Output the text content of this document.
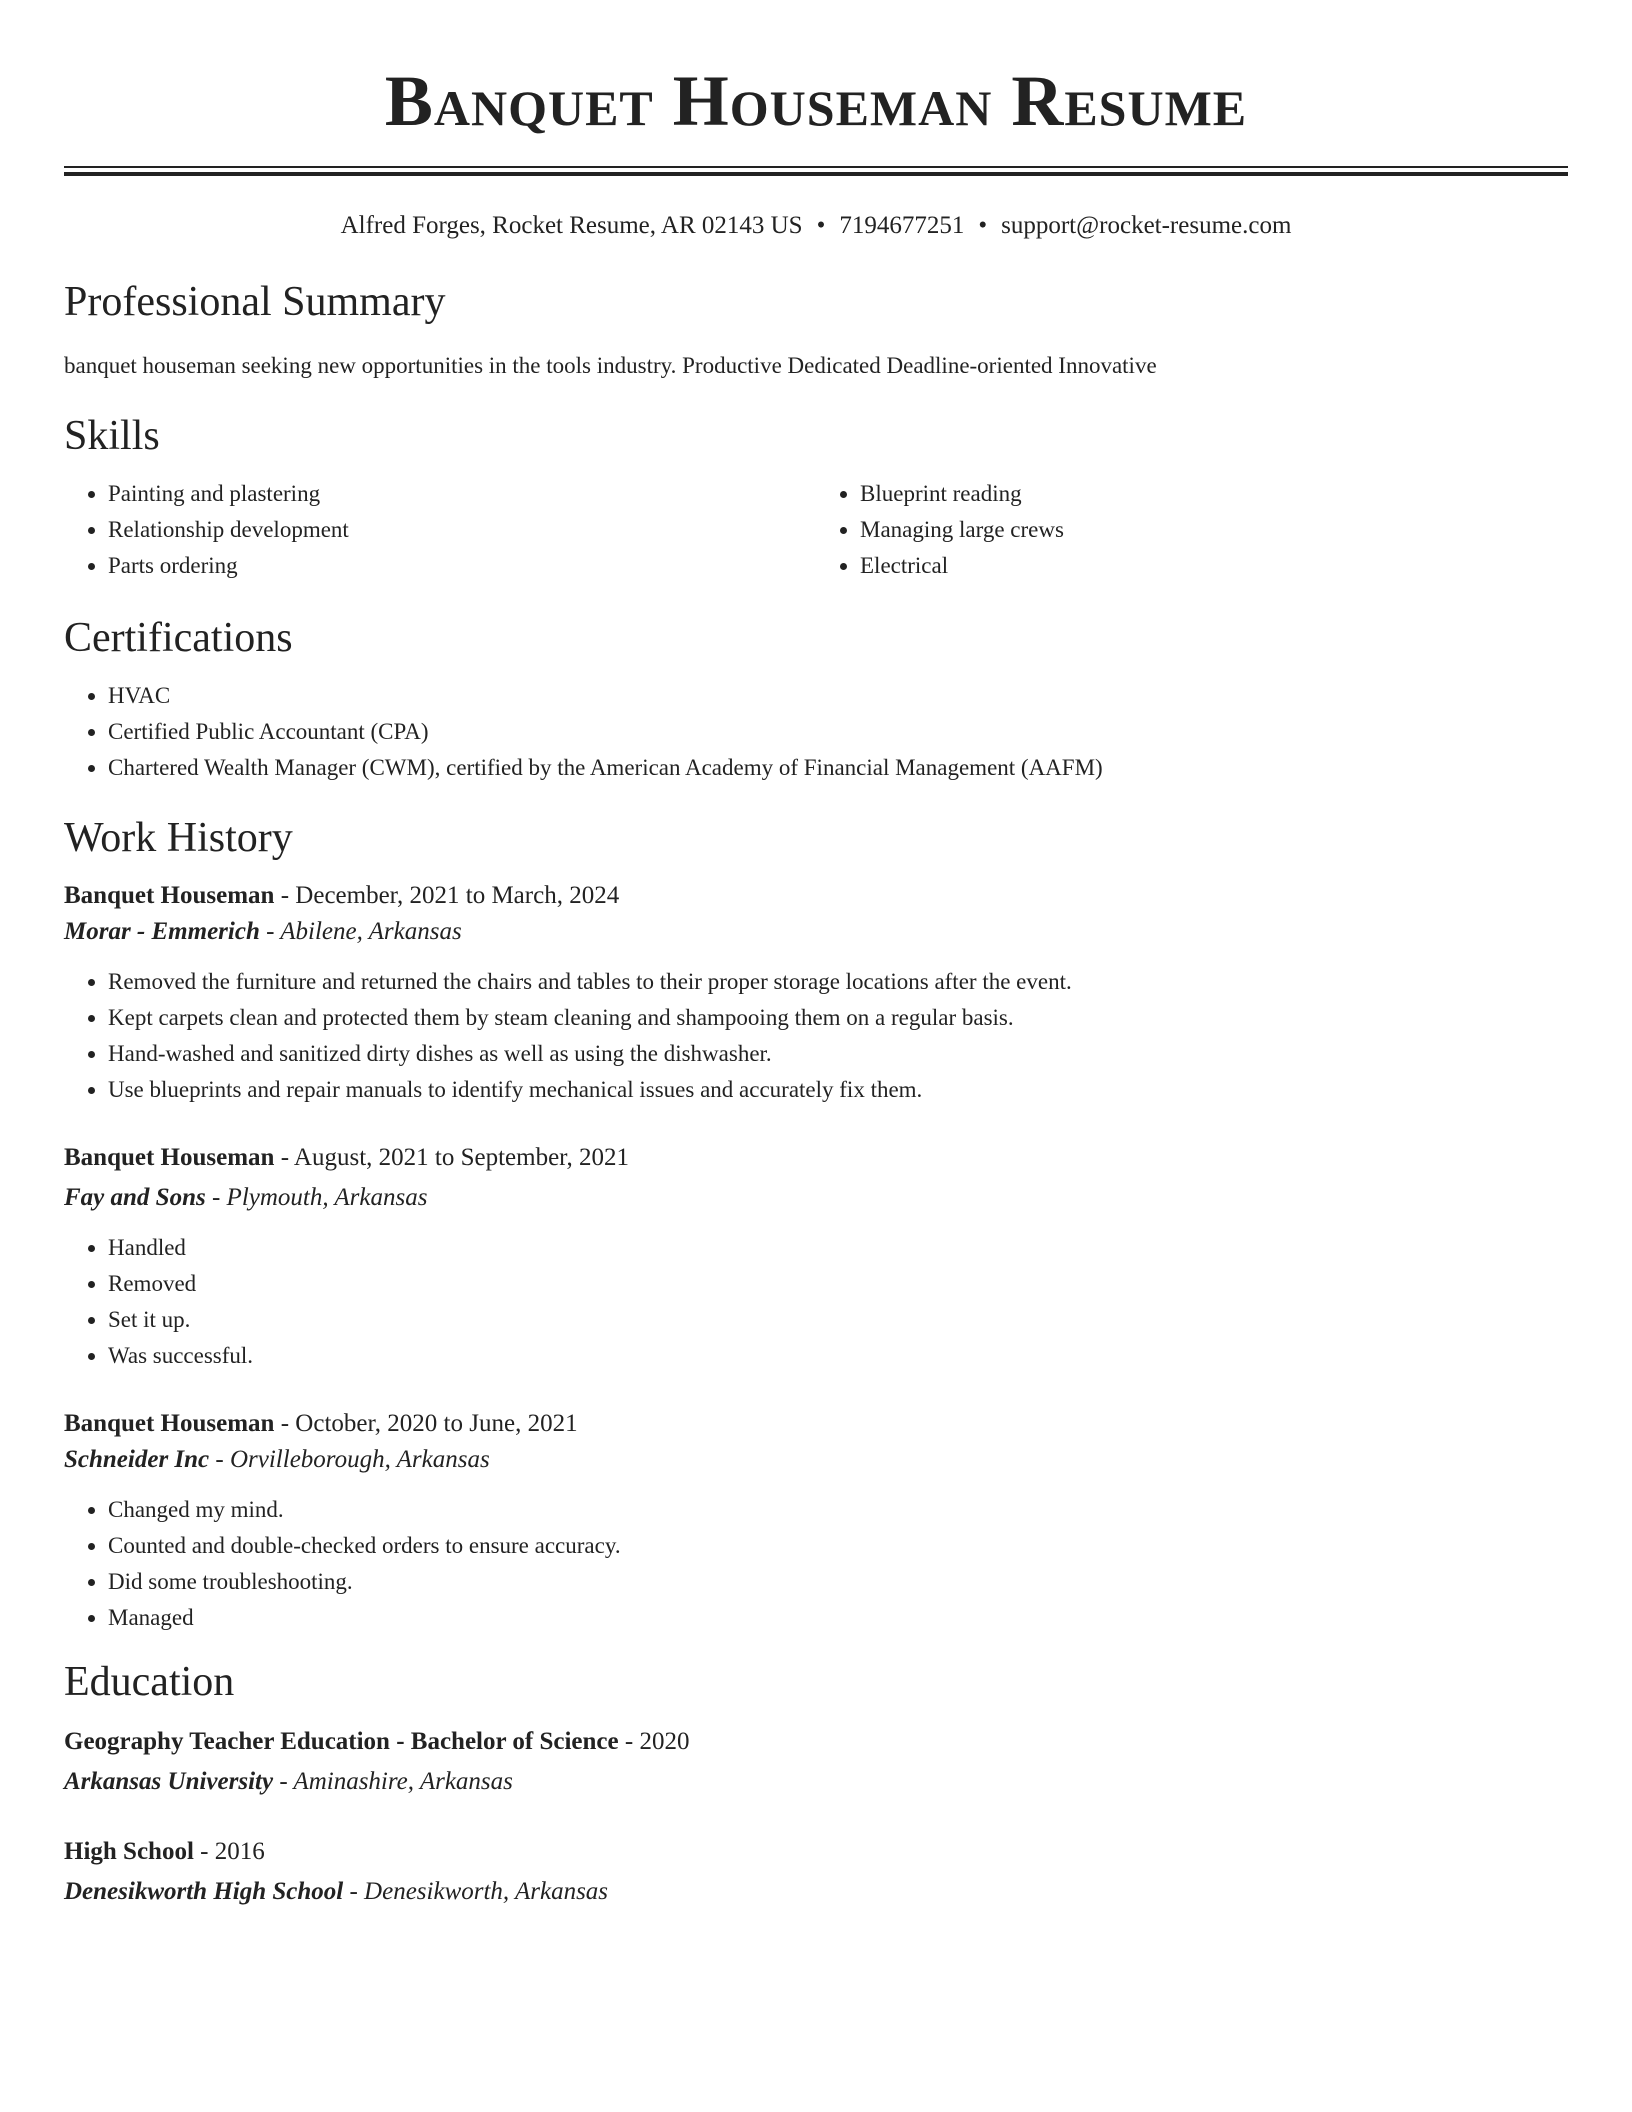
Banquet Houseman Resume
Alfred Forges, Rocket Resume, AR 02143 US • 7194677251 • support@rocket-resume.com
Professional Summary
banquet houseman seeking new opportunities in the tools industry. Productive Dedicated Deadline-oriented Innovative
Skills
• Painting and plastering
• Relationship development
• Parts ordering
• Blueprint reading
• Managing large crews
• Electrical
Certifications
• HVAC
• Certified Public Accountant (CPA)
• Chartered Wealth Manager (CWM), certified by the American Academy of Financial Management (AAFM)
Work History
Banquet Houseman - December, 2021 to March, 2024
Morar - Emmerich - Abilene, Arkansas
• Removed the furniture and returned the chairs and tables to their proper storage locations after the event.
• Kept carpets clean and protected them by steam cleaning and shampooing them on a regular basis.
• Hand-washed and sanitized dirty dishes as well as using the dishwasher.
• Use blueprints and repair manuals to identify mechanical issues and accurately fix them.
Banquet Houseman - August, 2021 to September, 2021
Fay and Sons - Plymouth, Arkansas
• Handled
• Removed
• Set it up.
• Was successful.
Banquet Houseman - October, 2020 to June, 2021
Schneider Inc - Orvilleborough, Arkansas
• Changed my mind.
• Counted and double-checked orders to ensure accuracy.
• Did some troubleshooting.
• Managed
Education
Geography Teacher Education - Bachelor of Science - 2020
Arkansas University - Aminashire, Arkansas
High School - 2016
Denesikworth High School - Denesikworth, Arkansas
